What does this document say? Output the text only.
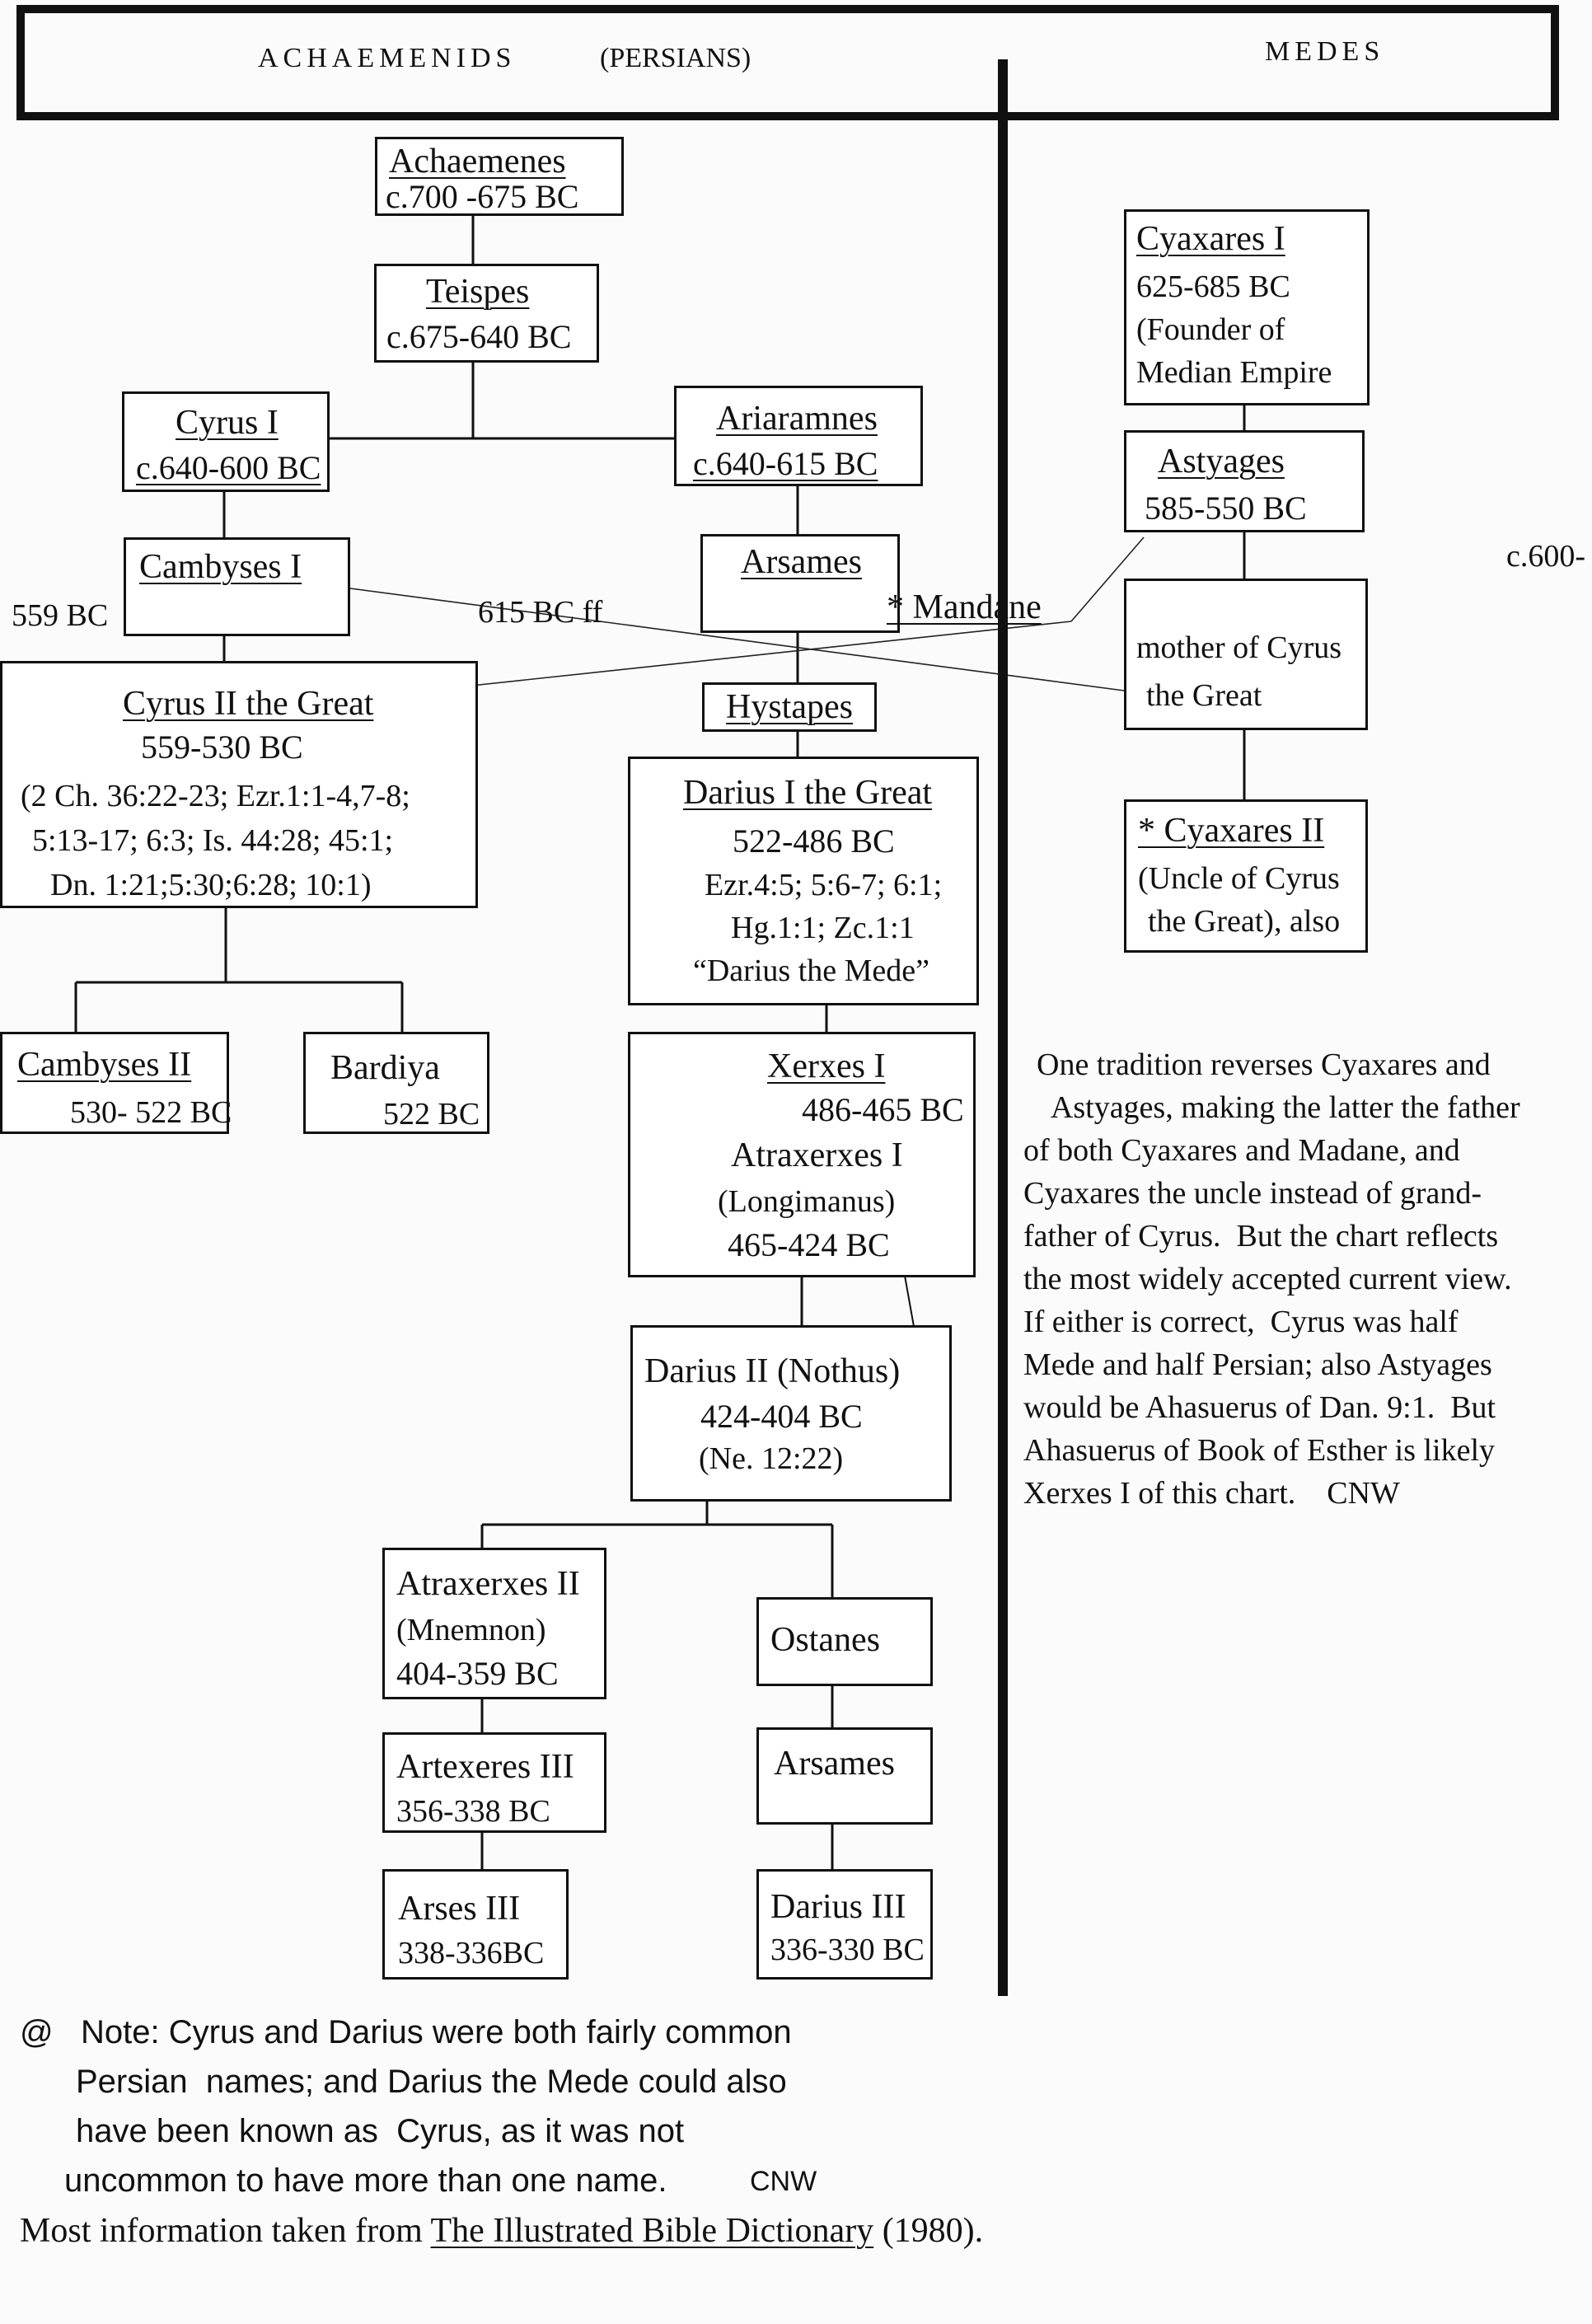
ACHAEMENIDS	(PERSIANS)	MEDES
Achaemenes
c.700 -675 BC
Teispes
c.675-640 BC
Cyrus I
c.640-600 BC
Ariaramnes
c.640-615 BC
Cambyses I
559 BC	615 BC ff
Arsames
* Mandane
Hystapes
Cyrus II the Great
559-530 BC
(2 Ch. 36:22-23; Ezr.1:1-4,7-8;
5:13-17; 6:3; Is. 44:28; 45:1;
Dn. 1:21;5:30;6:28; 10:1)
Darius I the Great
522-486 BC
Ezr.4:5; 5:6-7; 6:1;
Hg.1:1; Zc.1:1
“Darius the Mede”
Cambyses II
530- 522 BC
Bardiya
522 BC
Xerxes I
486-465 BC
Atraxerxes I
(Longimanus)
465-424 BC
Darius II (Nothus)
424-404 BC
(Ne. 12:22)
Atraxerxes II
(Mnemnon)
404-359 BC
Ostanes
Artexeres III
356-338 BC
Arsames
Arses III
338-336BC
Darius III
336-330 BC
Cyaxares I
625-685 BC
(Founder of
Median Empire
Astyages
585-550 BC
c.600-
mother of Cyrus
the Great
* Cyaxares II
(Uncle of Cyrus
the Great), also
One tradition reverses Cyaxares and
Astyages, making the latter the father
of both Cyaxares and Madane, and
Cyaxares the uncle instead of grand-
father of Cyrus.  But the chart reflects
the most widely accepted current view.
If either is correct,  Cyrus was half
Mede and half Persian; also Astyages
would be Ahasuerus of Dan. 9:1.  But
Ahasuerus of Book of Esther is likely
Xerxes I of this chart.    CNW
@ Note: Cyrus and Darius were both fairly common
Persian  names; and Darius the Mede could also
have been known as  Cyrus, as it was not
uncommon to have more than one name.	CNW
Most information taken from The Illustrated Bible Dictionary (1980).
